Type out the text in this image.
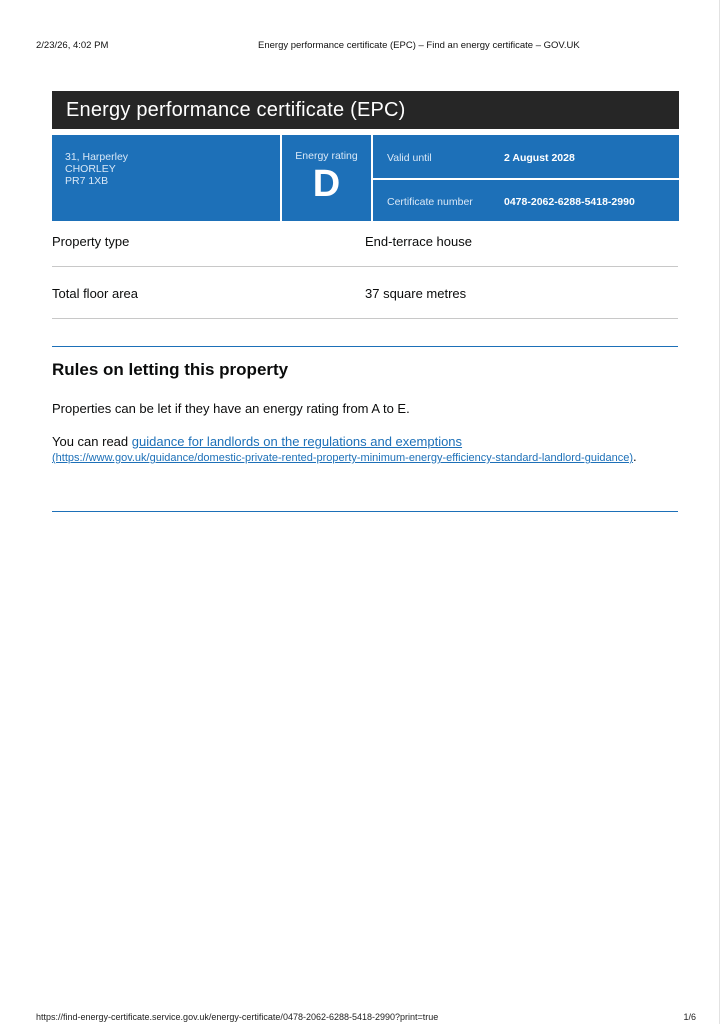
2/23/26, 4:02 PM	Energy performance certificate (EPC) – Find an energy certificate – GOV.UK
Energy performance certificate (EPC)
31, Harperley
CHORLEY
PR7 1XB
Energy rating
D
Valid until	2 August 2028
Certificate number	0478-2062-6288-5418-2990
Property type	End-terrace house
Total floor area	37 square metres
Rules on letting this property
Properties can be let if they have an energy rating from A to E.
You can read guidance for landlords on the regulations and exemptions
(https://www.gov.uk/guidance/domestic-private-rented-property-minimum-energy-efficiency-standard-landlord-guidance).
https://find-energy-certificate.service.gov.uk/energy-certificate/0478-2062-6288-5418-2990?print=true	1/6
